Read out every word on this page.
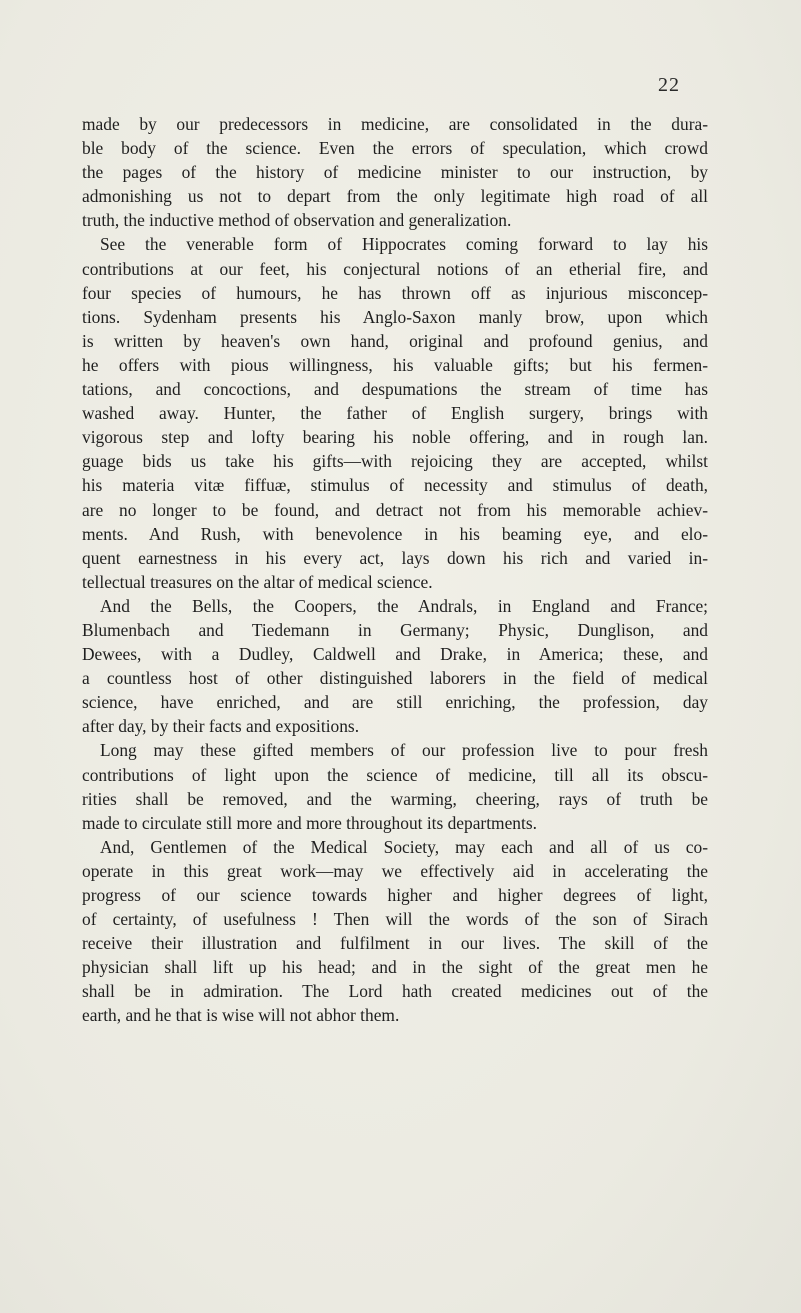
22
made by our predecessors in medicine, are consolidated in the dura-
ble body of the science. Even the errors of speculation, which crowd
the pages of the history of medicine minister to our instruction, by
admonishing us not to depart from the only legitimate high road of all
truth, the inductive method of observation and generalization.
See the venerable form of Hippocrates coming forward to lay his
contributions at our feet, his conjectural notions of an etherial fire, and
four species of humours, he has thrown off as injurious misconcep-
tions. Sydenham presents his Anglo-Saxon manly brow, upon which
is written by heaven's own hand, original and profound genius, and
he offers with pious willingness, his valuable gifts; but his fermen-
tations, and concoctions, and despumations the stream of time has
washed away. Hunter, the father of English surgery, brings with
vigorous step and lofty bearing his noble offering, and in rough lan.
guage bids us take his gifts—with rejoicing they are accepted, whilst
his materia vitæ fiffuæ, stimulus of necessity and stimulus of death,
are no longer to be found, and detract not from his memorable achiev-
ments. And Rush, with benevolence in his beaming eye, and elo-
quent earnestness in his every act, lays down his rich and varied in-
tellectual treasures on the altar of medical science.
And the Bells, the Coopers, the Andrals, in England and France;
Blumenbach and Tiedemann in Germany; Physic, Dunglison, and
Dewees, with a Dudley, Caldwell and Drake, in America; these, and
a countless host of other distinguished laborers in the field of medical
science, have enriched, and are still enriching, the profession, day
after day, by their facts and expositions.
Long may these gifted members of our profession live to pour fresh
contributions of light upon the science of medicine, till all its obscu-
rities shall be removed, and the warming, cheering, rays of truth be
made to circulate still more and more throughout its departments.
And, Gentlemen of the Medical Society, may each and all of us co-
operate in this great work—may we effectively aid in accelerating the
progress of our science towards higher and higher degrees of light,
of certainty, of usefulness ! Then will the words of the son of Sirach
receive their illustration and fulfilment in our lives. The skill of the
physician shall lift up his head; and in the sight of the great men he
shall be in admiration. The Lord hath created medicines out of the
earth, and he that is wise will not abhor them.
